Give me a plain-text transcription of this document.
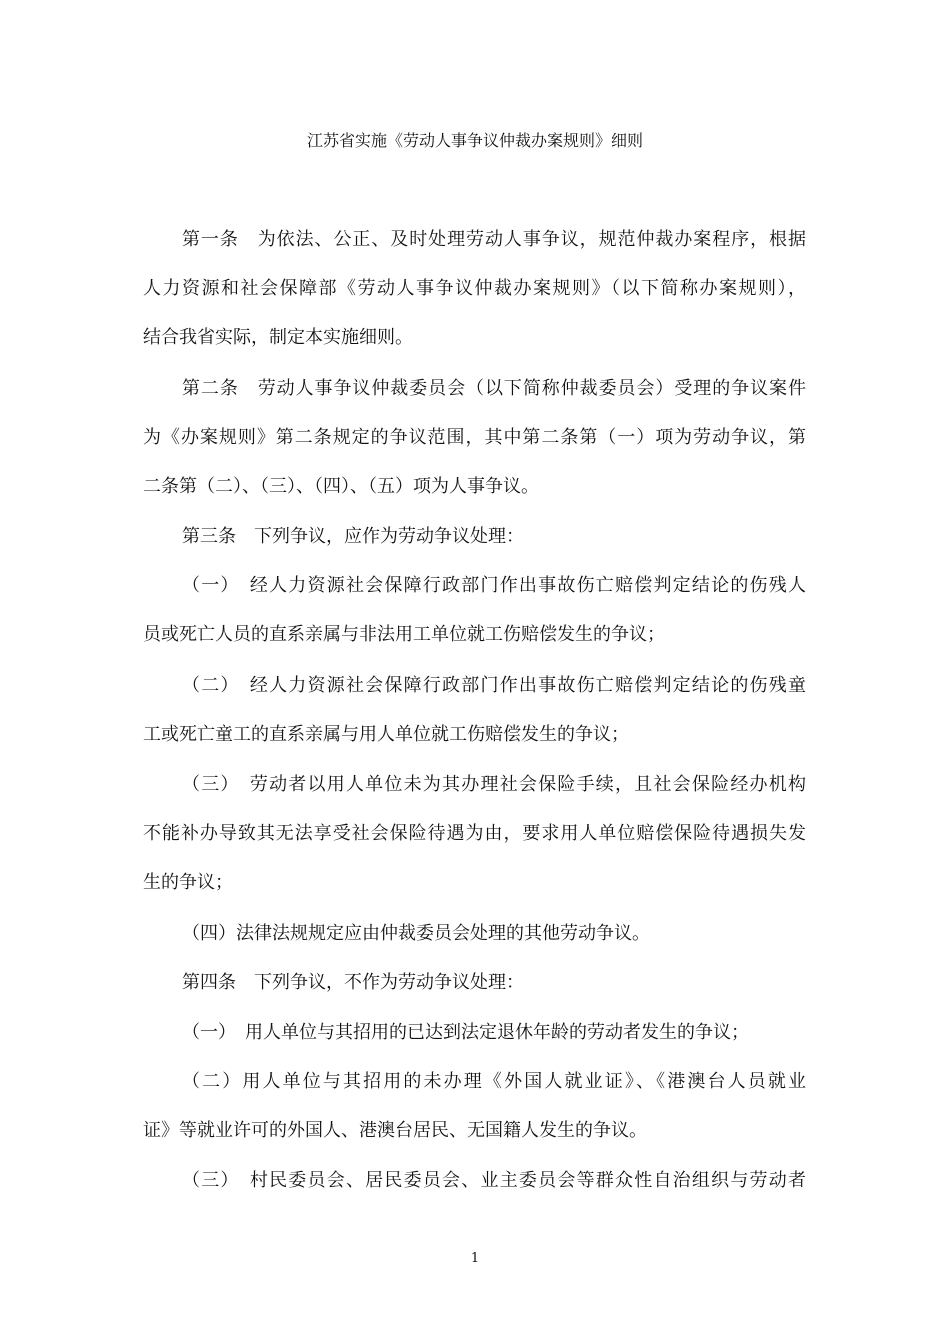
江苏省实施《劳动人事争议仲裁办案规则》细则
第一条　为依法、公正、及时处理劳动人事争议，规范仲裁办案程序，根据
人力资源和社会保障部《劳动人事争议仲裁办案规则》（以下简称办案规则），
结合我省实际，制定本实施细则。
第二条　劳动人事争议仲裁委员会（以下简称仲裁委员会）受理的争议案件
为《办案规则》第二条规定的争议范围，其中第二条第（一）项为劳动争议，第
二条第（二）、（三）、（四）、（五）项为人事争议。
第三条　下列争议，应作为劳动争议处理：
（一）　经人力资源社会保障行政部门作出事故伤亡赔偿判定结论的伤残人
员或死亡人员的直系亲属与非法用工单位就工伤赔偿发生的争议；
（二）　经人力资源社会保障行政部门作出事故伤亡赔偿判定结论的伤残童
工或死亡童工的直系亲属与用人单位就工伤赔偿发生的争议；
（三）　劳动者以用人单位未为其办理社会保险手续，且社会保险经办机构
不能补办导致其无法享受社会保险待遇为由，要求用人单位赔偿保险待遇损失发
生的争议；
（四）法律法规规定应由仲裁委员会处理的其他劳动争议。
第四条　下列争议，不作为劳动争议处理：
（一）　用人单位与其招用的已达到法定退休年龄的劳动者发生的争议；
（二）用人单位与其招用的未办理《外国人就业证》、《港澳台人员就业
证》等就业许可的外国人、港澳台居民、无国籍人发生的争议。
（三）　村民委员会、居民委员会、业主委员会等群众性自治组织与劳动者
1
